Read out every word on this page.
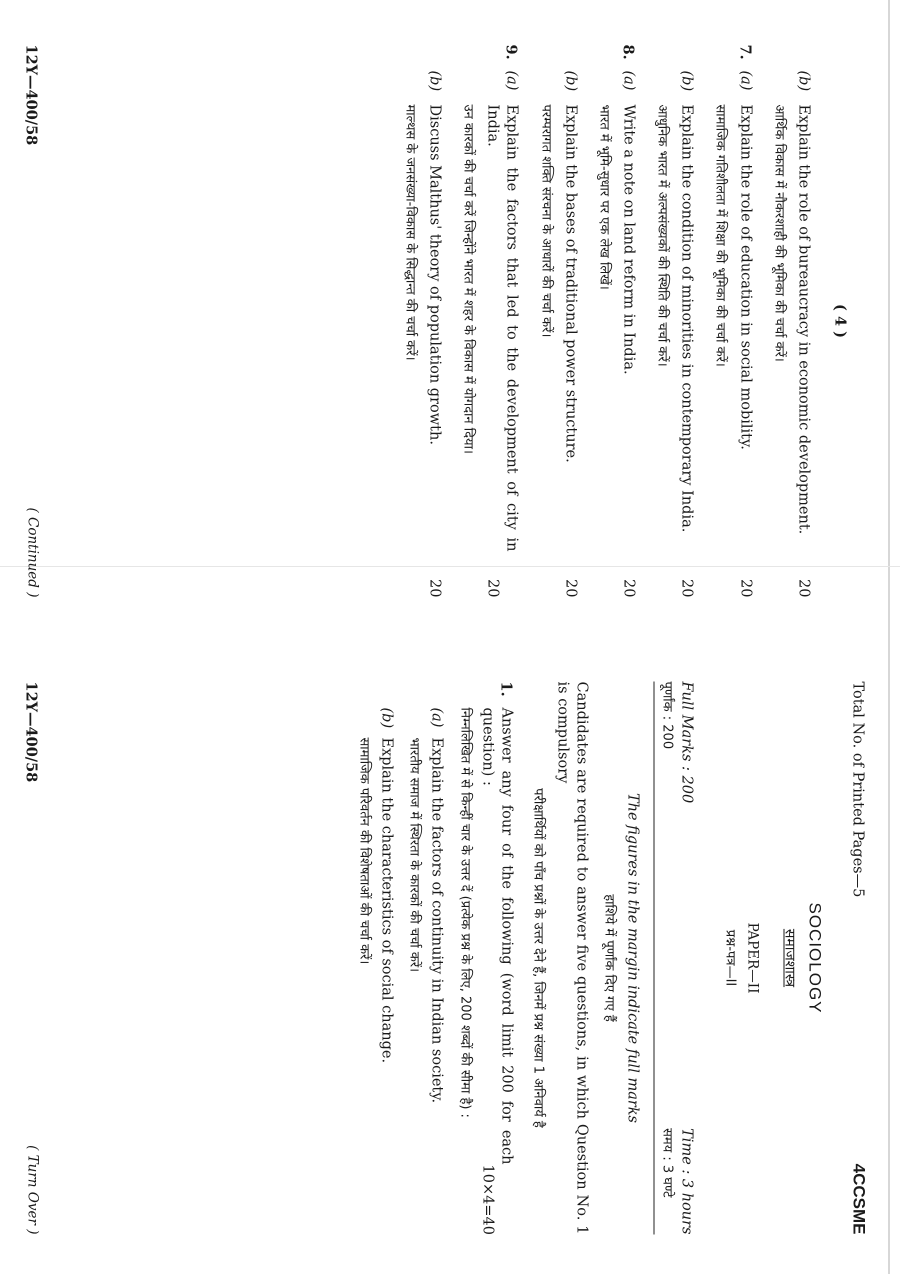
( 4 )
(b)
Explain the role of bureaucracy in economic development.
20
आर्थिक विकास में नौकरशाही की भूमिका की चर्चा करें।
7.
(a)
Explain the role of education in social mobility.
20
सामाजिक गतिशीलता में शिक्षा की भूमिका की चर्चा करें।
(b)
Explain the condition of minorities in contemporary India.
20
आधुनिक भारत में अल्पसंख्यकों की स्थिति की चर्चा करें।
8.
(a)
Write a note on land reform in India.
20
भारत में भूमि-सुधार पर एक लेख लिखें।
(b)
Explain the bases of traditional power structure.
20
परम्परागत शक्ति संरचना के आधारों की चर्चा करें।
9.
(a)
Explain the factors that led to the development of city in India.
20
उन कारकों की चर्चा करें जिन्होंने भारत में शहर के विकास में योगदान दिया।
(b)
Discuss Malthus' theory of population growth.
20
माल्थस के जनसंख्या-विकास के सिद्धान्त की चर्चा करें।
12Y—400/58
( Continued )
Total No. of Printed Pages—5
4CCSME
SOCIOLOGY
समाजशास्त्र
PAPER—II
प्रश्न-पत्र—II
Full Marks : 200
पूर्णांक : 200
Time : 3 hours
समय : 3 घण्टे
The figures in the margin indicate full marks
हाशिये में पूर्णांक दिए गए हैं
Candidates are required to answer five questions, in which Question No. 1 is compulsory
परीक्षार्थियों को पाँच प्रश्नों के उत्तर देने हैं, जिनमें प्रश्न संख्या 1 अनिवार्य है
1.
Answer any four of the following (word limit 200 for each question) :
10×4=40
निम्नलिखित में से किन्हीं चार के उत्तर दें (प्रत्येक प्रश्न के लिए, 200 शब्दों की सीमा है) :
(a)
Explain the factors of continuity in Indian society.
भारतीय समाज में स्थिरता के कारकों की चर्चा करें।
(b)
Explain the characteristics of social change.
सामाजिक परिवर्तन की विशेषताओं की चर्चा करें।
12Y—400/58
( Turn Over )
